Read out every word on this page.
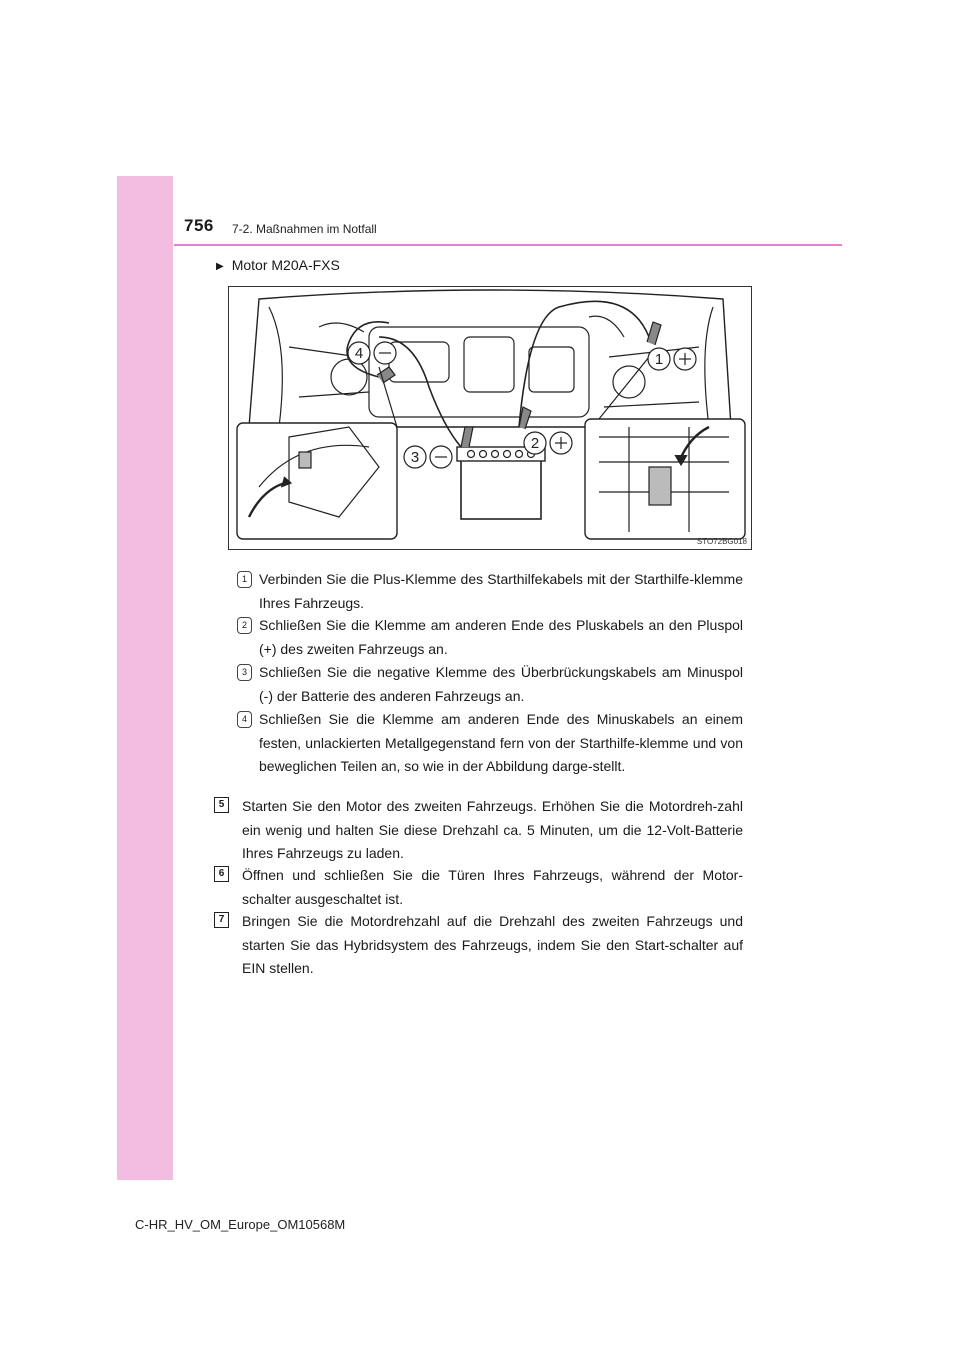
756 7-2. Maßnahmen im Notfall
▶ Motor M20A-FXS
4	1
3
2
STO72BG018
1 Verbinden Sie die Plus-Klemme des Starthilfekabels mit der Starthilfe-klemme Ihres Fahrzeugs.
2 Schließen Sie die Klemme am anderen Ende des Pluskabels an den Pluspol (+) des zweiten Fahrzeugs an.
3 Schließen Sie die negative Klemme des Überbrückungskabels am Minuspol (-) der Batterie des anderen Fahrzeugs an.
4 Schließen Sie die Klemme am anderen Ende des Minuskabels an einem festen, unlackierten Metallgegenstand fern von der Starthilfe-klemme und von beweglichen Teilen an, so wie in der Abbildung darge-stellt.
5	Starten Sie den Motor des zweiten Fahrzeugs. Erhöhen Sie die Motordreh-zahl ein wenig und halten Sie diese Drehzahl ca. 5 Minuten, um die 12-Volt-Batterie Ihres Fahrzeugs zu laden.
6	Öffnen und schließen Sie die Türen Ihres Fahrzeugs, während der Motor-schalter ausgeschaltet ist.
7	Bringen Sie die Motordrehzahl auf die Drehzahl des zweiten Fahrzeugs und starten Sie das Hybridsystem des Fahrzeugs, indem Sie den Start-schalter auf EIN stellen.
C-HR_HV_OM_Europe_OM10568M
